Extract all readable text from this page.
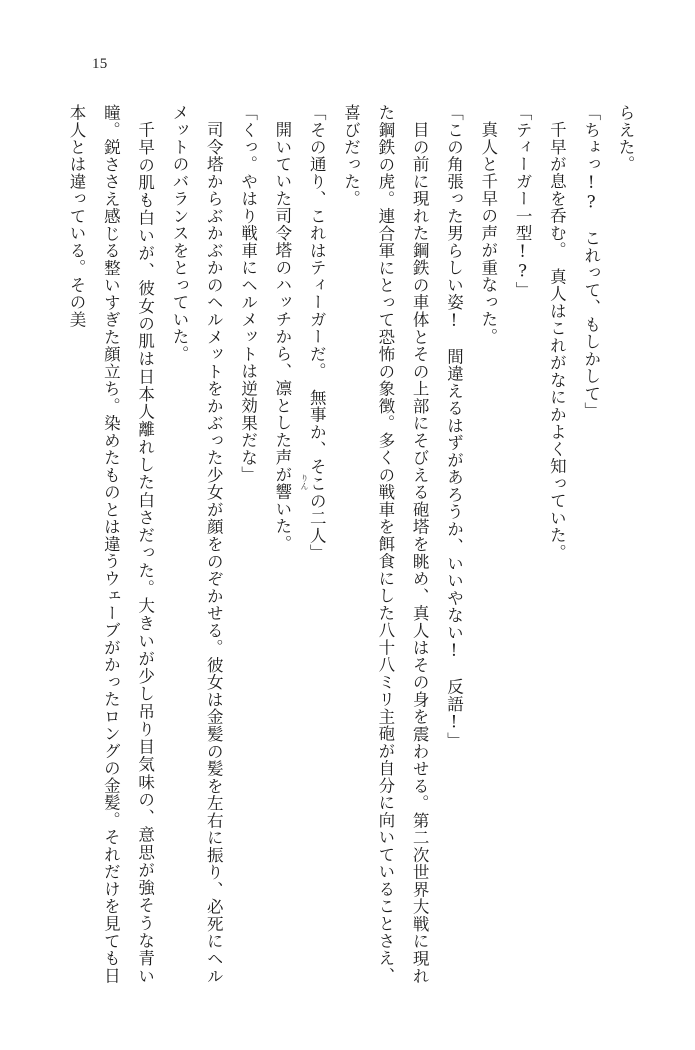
15

らえた。

「ちょっ!?　これって、もしかして」

千早が息を呑む。　真人はこれがなにかよく知っていた。

「ティーガー一型!?」

真人と千早の声が重なった。

「この角張った男らしい姿!　間違えるはずがあろうか、いいやない!　反語!」

目の前に現れた鋼鉄の車体とその上部にそびえる砲塔を眺め、真人はその身を震わせる。第二次世界大戦に現れた鋼鉄の虎。連合軍にとって恐怖の象徴。多くの戦車を餌食にした八十八ミリ主砲が自分に向いていることさえ、喜びだった。

「その通り、これはティーガーだ。　無事か、そこの二人」

開いていた司令塔のハッチから、凛とした声が響いた。

「くっ。やはり戦車にヘルメットは逆効果だな」

司令塔からぶかぶかのヘルメットをかぶった少女が顔をのぞかせる。彼女は金髪の髪を左右に振り、必死にヘルメットのバランスをとっていた。

千早の肌も白いが、彼女の肌は日本人離れした白さだった。大きいが少し吊り目気味の、意思が強そうな青い瞳。鋭ささえ感じる整いすぎた顔立ち。染めたものとは違うウェーブがかったロングの金髪。それだけを見ても日本人とは違っている。その美

りん
